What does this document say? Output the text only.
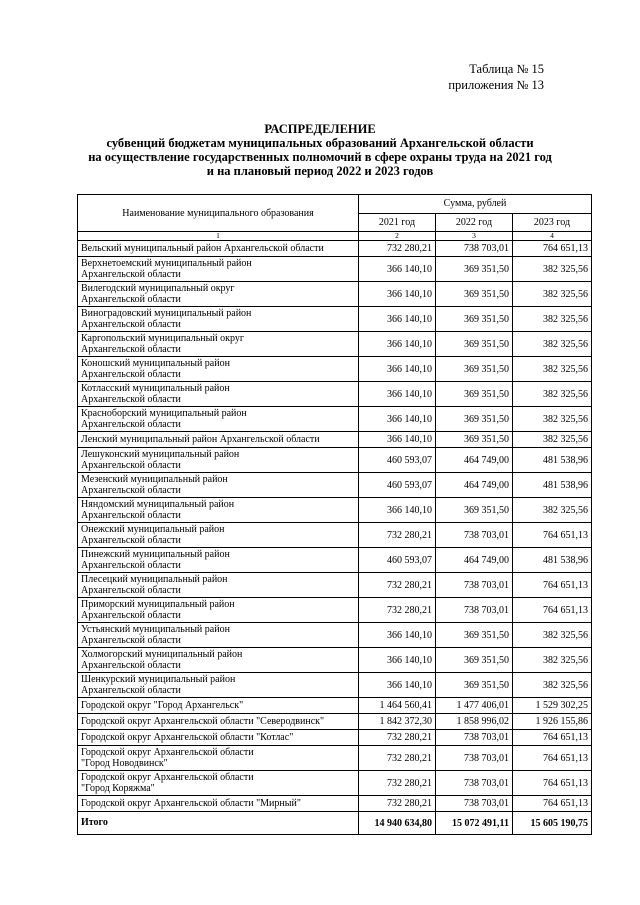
Таблица № 15
приложения № 13
РАСПРЕДЕЛЕНИЕ
субвенций бюджетам муниципальных образований Архангельской области
на осуществление государственных полномочий в сфере охраны труда на 2021 год
и на плановый период 2022 и 2023 годов
Наименование муниципального образования	Сумма, рублей		
	2021 год	2022 год	2023 год
1	2	3	4
Вельский муниципальный район Архангельской области	732 280,21	738 703,01	764 651,13
Верхнетоемский муниципальный район
Архангельской области	366 140,10	369 351,50	382 325,56
Вилегодский муниципальный округ
Архангельской области	366 140,10	369 351,50	382 325,56
Виноградовский муниципальный район
Архангельской области	366 140,10	369 351,50	382 325,56
Каргопольский муниципальный округ
Архангельской области	366 140,10	369 351,50	382 325,56
Коношский муниципальный район
Архангельской области	366 140,10	369 351,50	382 325,56
Котласский муниципальный район
Архангельской области	366 140,10	369 351,50	382 325,56
Красноборский муниципальный район
Архангельской области	366 140,10	369 351,50	382 325,56
Ленский муниципальный район Архангельской области	366 140,10	369 351,50	382 325,56
Лешуконский муниципальный район
Архангельской области	460 593,07	464 749,00	481 538,96
Мезенский муниципальный район
Архангельской области	460 593,07	464 749,00	481 538,96
Няндомский муниципальный район
Архангельской области	366 140,10	369 351,50	382 325,56
Онежский муниципальный район
Архангельской области	732 280,21	738 703,01	764 651,13
Пинежский муниципальный район
Архангельской области	460 593,07	464 749,00	481 538,96
Плесецкий муниципальный район
Архангельской области	732 280,21	738 703,01	764 651,13
Приморский муниципальный район
Архангельской области	732 280,21	738 703,01	764 651,13
Устьянский муниципальный район
Архангельской области	366 140,10	369 351,50	382 325,56
Холмогорский муниципальный район
Архангельской области	366 140,10	369 351,50	382 325,56
Шенкурский муниципальный район
Архангельской области	366 140,10	369 351,50	382 325,56
Городской округ "Город Архангельск"	1 464 560,41	1 477 406,01	1 529 302,25
Городской округ Архангельской области "Северодвинск"	1 842 372,30	1 858 996,02	1 926 155,86
Городской округ Архангельской области "Котлас"	732 280,21	738 703,01	764 651,13
Городской округ Архангельской области
"Город Новодвинск"	732 280,21	738 703,01	764 651,13
Городской округ Архангельской области
"Город Коряжма"	732 280,21	738 703,01	764 651,13
Городской округ Архангельской области "Мирный"	732 280,21	738 703,01	764 651,13
Итого	14 940 634,80	15 072 491,11	15 605 190,75
